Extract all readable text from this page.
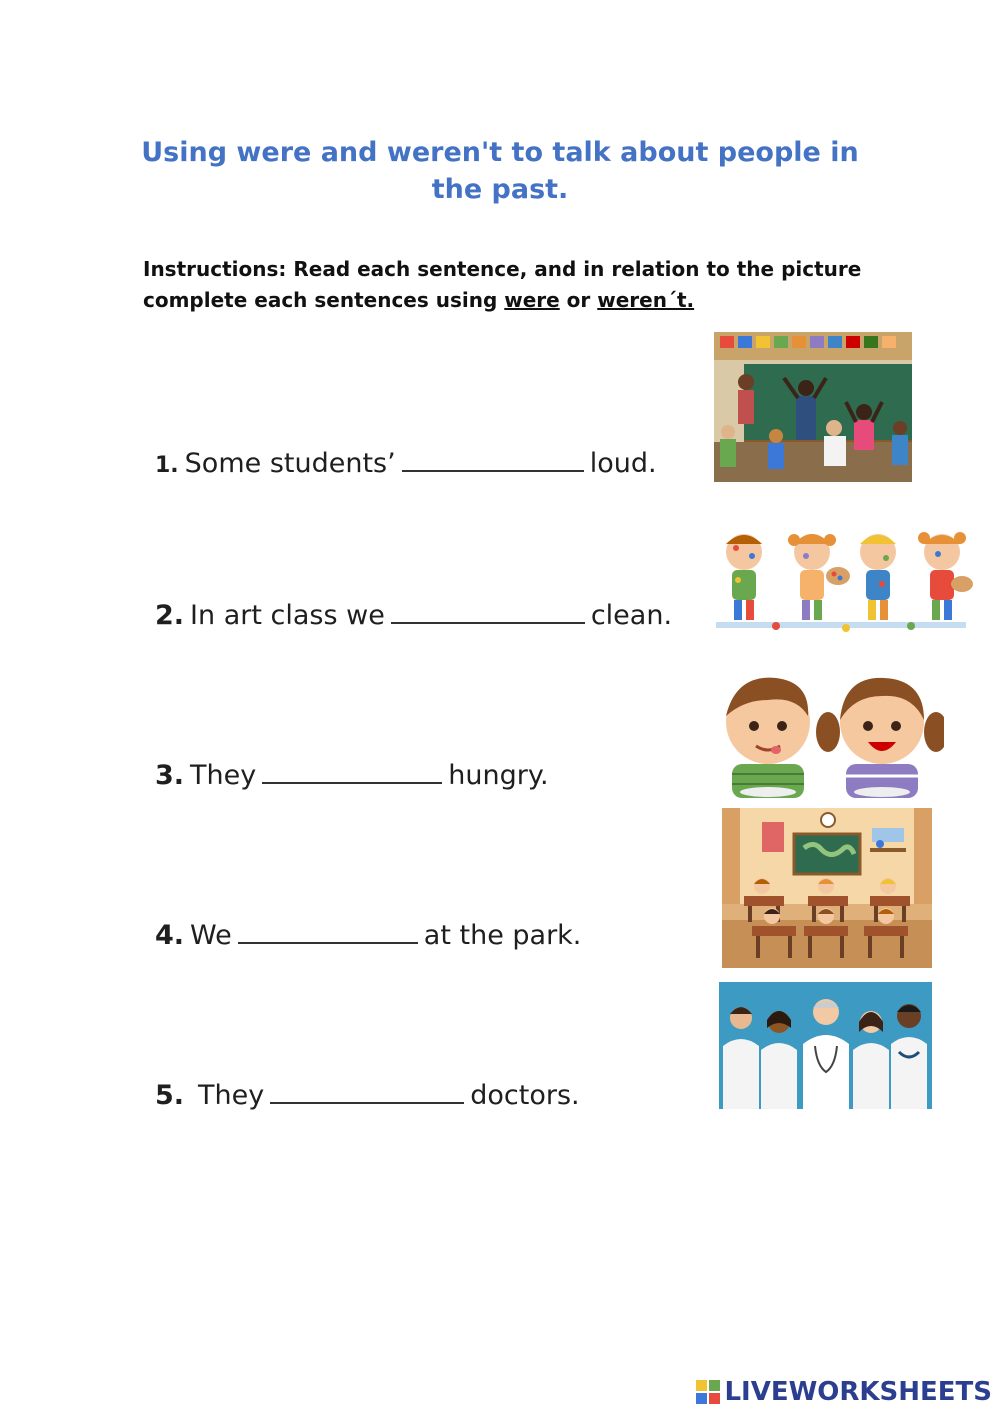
Using were and weren't to talk about people in the past.
Instructions: Read each sentence, and in relation to the picture
complete each sentences using were or weren´t.
1. Some students’	loud.
2. In art class we	clean.
3. They	hungry.
4. We	at the park.
5. They	doctors.
LIVEWORKSHEETS
